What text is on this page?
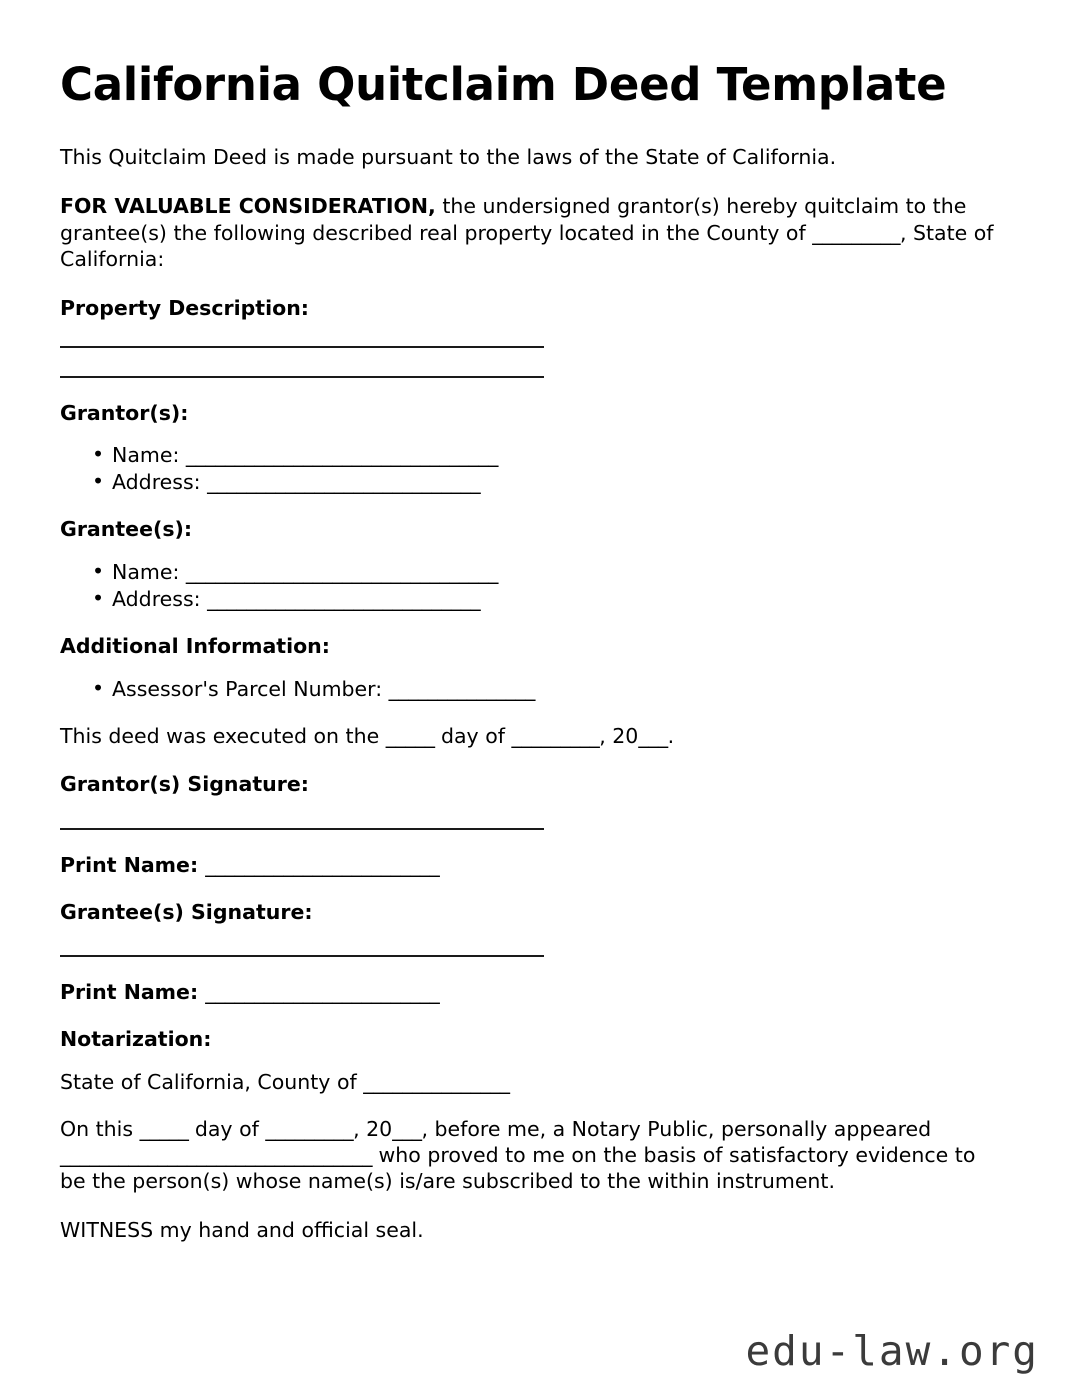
California Quitclaim Deed Template

This Quitclaim Deed is made pursuant to the laws of the State of California.

FOR VALUABLE CONSIDERATION, the undersigned grantor(s) hereby quitclaim to the grantee(s) the following described real property located in the County of _________, State of California:

Property Description:
Grantor(s):
• Name: ________________________________
• Address: ____________________________
Grantee(s):
• Name: ________________________________
• Address: ____________________________
Additional Information:
• Assessor's Parcel Number: _______________

This deed was executed on the _____ day of _________, 20___.

Grantor(s) Signature:

Print Name: ________________________

Grantee(s) Signature:

Print Name: ________________________

Notarization:

State of California, County of _______________

On this _____ day of _________, 20___, before me, a Notary Public, personally appeared ________________________________ who proved to me on the basis of satisfactory evidence to be the person(s) whose name(s) is/are subscribed to the within instrument.

WITNESS my hand and official seal.

edu-law.org
